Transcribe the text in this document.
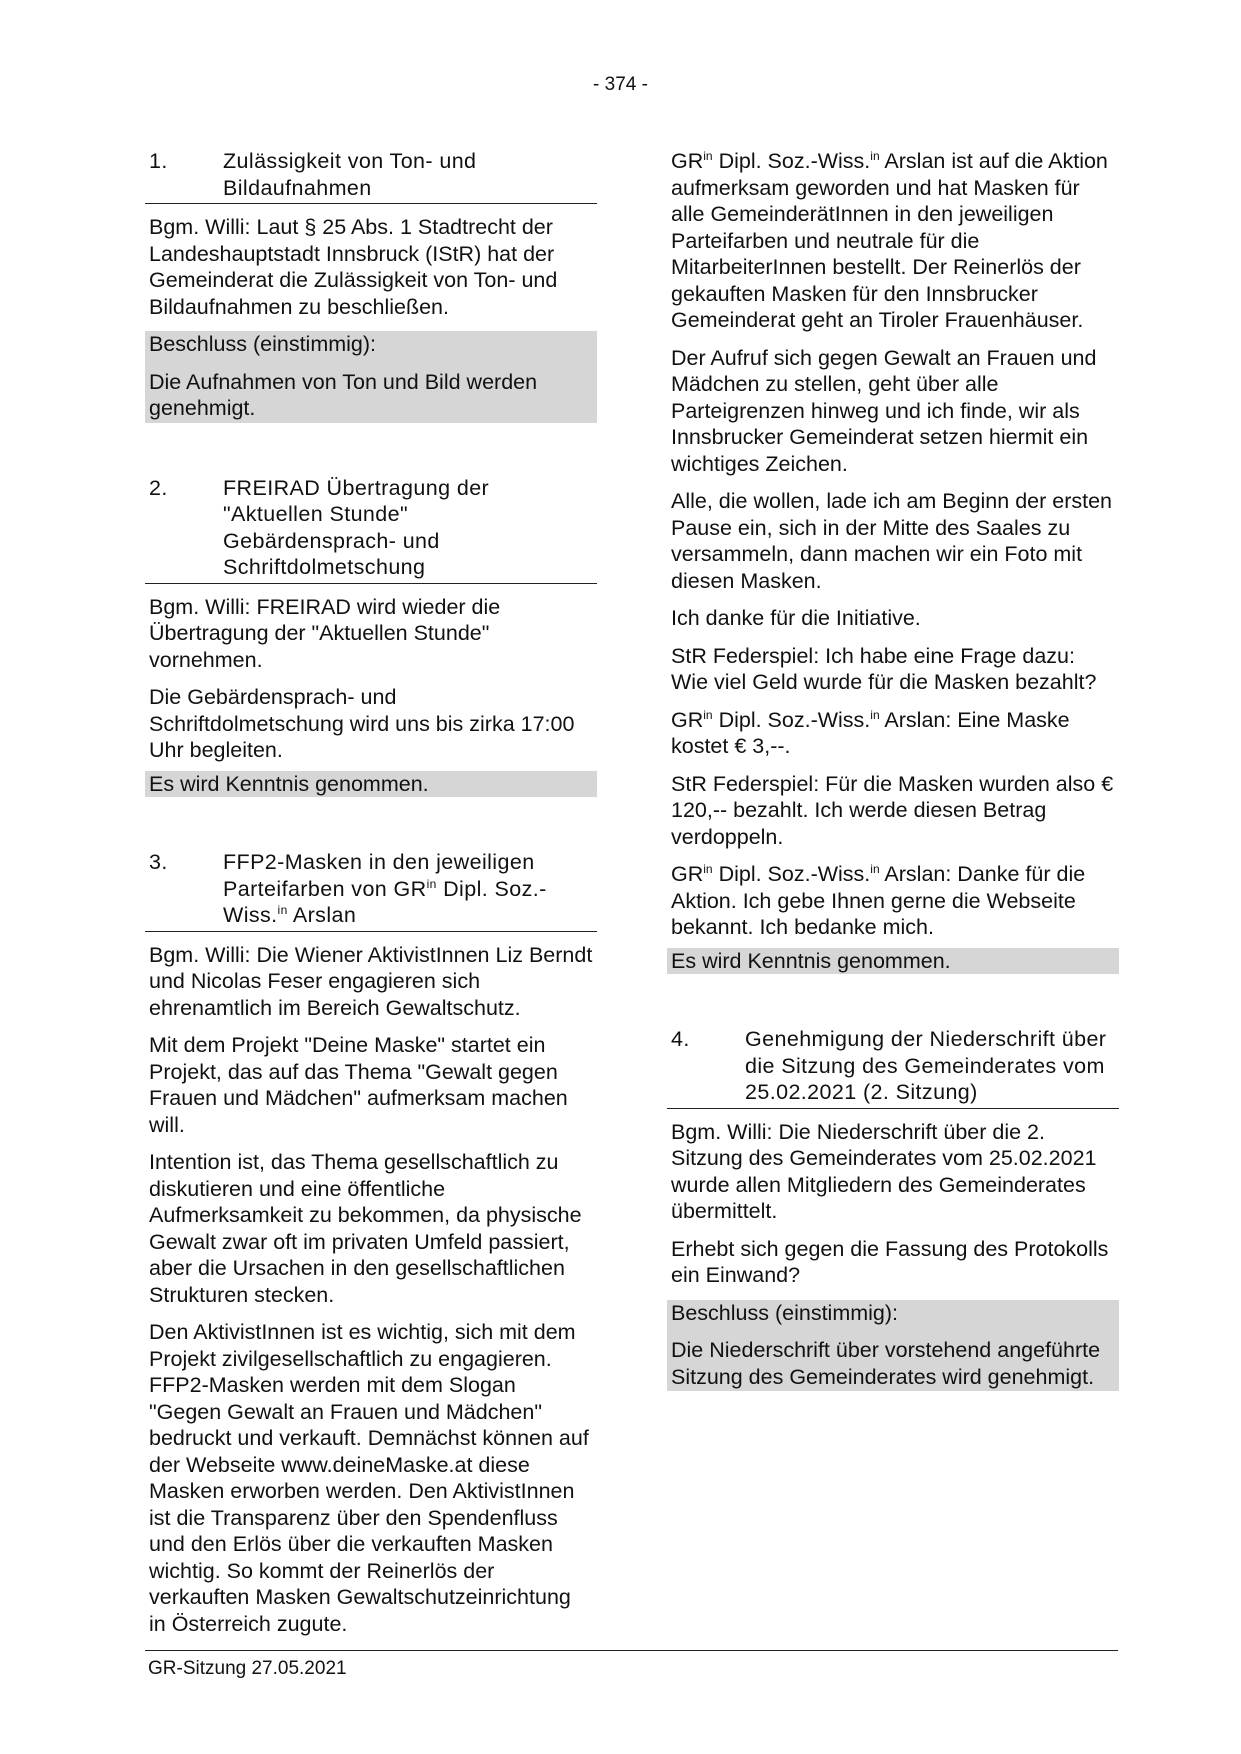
- 374 -
1.	Zulässigkeit von Ton- und Bildaufnahmen

Bgm. Willi: Laut § 25 Abs. 1 Stadtrecht der Landeshauptstadt Innsbruck (IStR) hat der Gemeinderat die Zulässigkeit von Ton- und Bildaufnahmen zu beschließen.

Beschluss (einstimmig):

Die Aufnahmen von Ton und Bild werden genehmigt.

2.	FREIRAD Übertragung der "Aktuellen Stunde"
Gebärdensprach- und Schriftdolmetschung

Bgm. Willi: FREIRAD wird wieder die Übertragung der "Aktuellen Stunde" vornehmen.

Die Gebärdensprach- und Schriftdolmetschung wird uns bis zirka 17:00 Uhr begleiten.

Es wird Kenntnis genommen.
3.	FFP2-Masken in den jeweiligen Parteifarben von $GR^{in}$ Dipl. Soz.-Wiss.$^{in}$ Arslan

Bgm. Willi: Die Wiener AktivistInnen Liz Berndt und Nicolas Feser engagieren sich ehrenamtlich im Bereich Gewaltschutz.

Mit dem Projekt "Deine Maske" startet ein Projekt, das auf das Thema "Gewalt gegen Frauen und Mädchen" aufmerksam machen will.

Intention ist, das Thema gesellschaftlich zu diskutieren und eine öffentliche Aufmerksamkeit zu bekommen, da physische Gewalt zwar oft im privaten Umfeld passiert, aber die Ursachen in den gesellschaftlichen Strukturen stecken.

Den AktivistInnen ist es wichtig, sich mit dem Projekt zivilgesellschaftlich zu engagieren. FFP2-Masken werden mit dem Slogan "Gegen Gewalt an Frauen und Mädchen" bedruckt und verkauft. Demnächst können auf der Webseite www.deineMaske.at diese Masken erworben werden. Den AktivistInnen ist die Transparenz über den Spendenfluss und den Erlös über die verkauften Masken wichtig. So kommt der Reinerlös der verkauften Masken Gewaltschutzeinrichtung in Österreich zugute.

$GR^{in}$ Dipl. Soz.-Wiss.$^{in}$ Arslan ist auf die Aktion aufmerksam geworden und hat Masken für alle GemeinderätInnen in den jeweiligen Parteifarben und neutrale für die MitarbeiterInnen bestellt. Der Reinerlös der gekauften Masken für den Innsbrucker Gemeinderat geht an Tiroler Frauenhäuser.

Der Aufruf sich gegen Gewalt an Frauen und Mädchen zu stellen, geht über alle Parteigrenzen hinweg und ich finde, wir als Innsbrucker Gemeinderat setzen hiermit ein wichtiges Zeichen.

Alle, die wollen, lade ich am Beginn der ersten Pause ein, sich in der Mitte des Saales zu versammeln, dann machen wir ein Foto mit diesen Masken.

Ich danke für die Initiative.

StR Federspiel: Ich habe eine Frage dazu: Wie viel Geld wurde für die Masken bezahlt?

$GR^{in}$ Dipl. Soz.-Wiss.$^{in}$ Arslan: Eine Maske kostet € 3,--.

StR Federspiel: Für die Masken wurden also € 120,-- bezahlt. Ich werde diesen Betrag verdoppeln.

$GR^{in}$ Dipl. Soz.-Wiss.$^{in}$ Arslan: Danke für die Aktion. Ich gebe Ihnen gerne die Webseite bekannt. Ich bedanke mich.

Es wird Kenntnis genommen.
4.	Genehmigung der Niederschrift über die Sitzung des Gemeinderates vom 25.02.2021 (2. Sitzung)

Bgm. Willi: Die Niederschrift über die 2. Sitzung des Gemeinderates vom 25.02.2021 wurde allen Mitgliedern des Gemeinderates übermittelt.

Erhebt sich gegen die Fassung des Protokolls ein Einwand?

Beschluss (einstimmig):

Die Niederschrift über vorstehend angeführte Sitzung des Gemeinderates wird genehmigt.

GR-Sitzung 27.05.2021
